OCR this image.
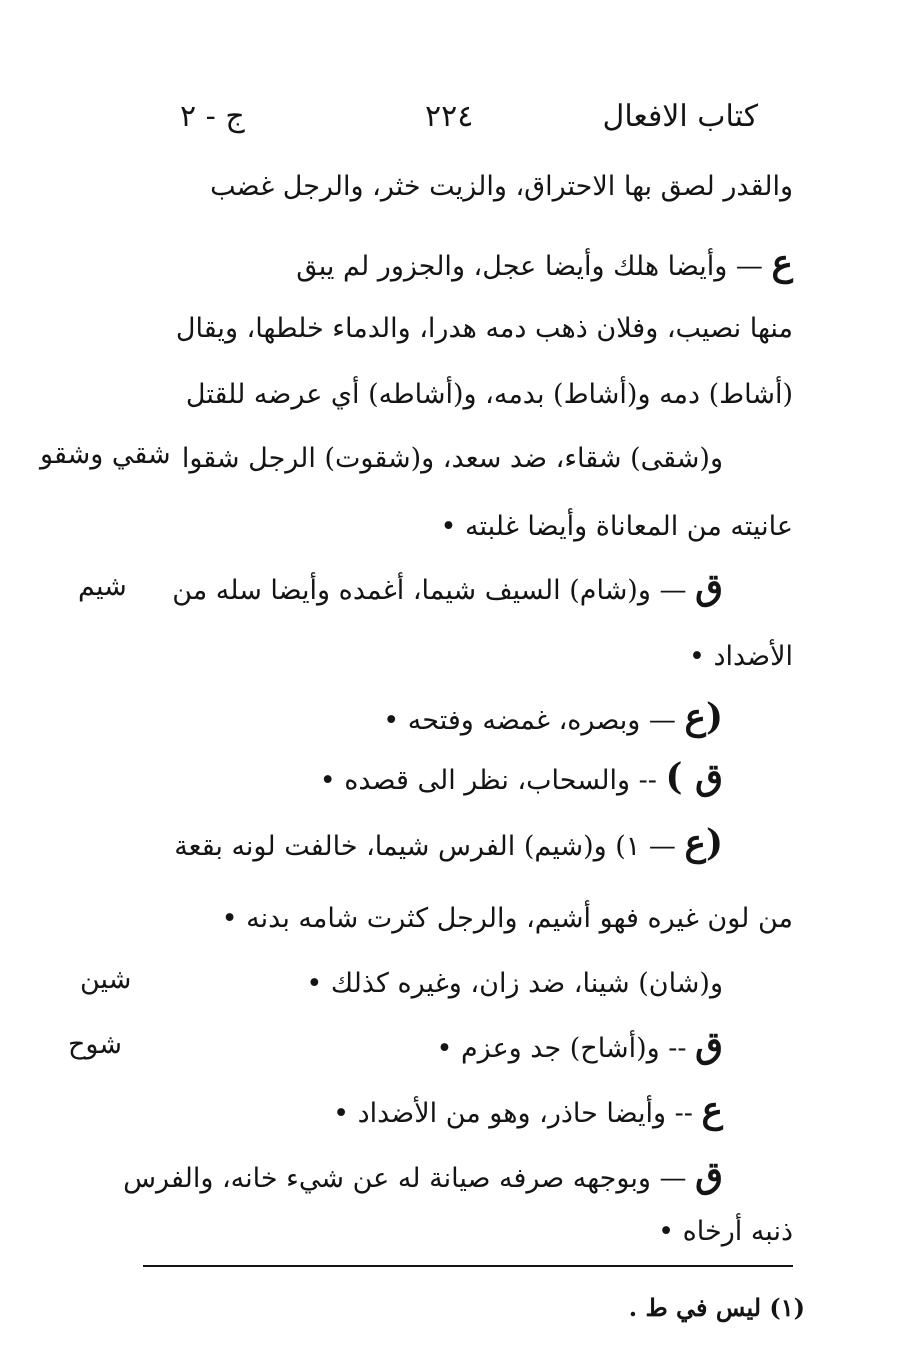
كتاب الافعال
٢٢٤
ج - ٢
والقدر لصق بها الاحتراق، والزيت خثر، والرجل غضب
ع — وأيضا هلك وأيضا عجل، والجزور لم يبق
منها نصيب، وفلان ذهب دمه هدرا، والدماء خلطها، ويقال
(أشاط) دمه و(أشاط) بدمه، و(أشاطه) أي عرضه للقتل
و(شقى) شقاء، ضد سعد، و(شقوت) الرجل شقوا
عانيته من المعاناة وأيضا غلبته •
ق — و(شام) السيف شيما، أغمده وأيضا سله من
الأضداد •
(ع — وبصره، غمضه وفتحه •
ق ) -- والسحاب، نظر الى قصده •
(ع — ١) و(شيم) الفرس شيما، خالفت لونه بقعة
من لون غيره فهو أشيم، والرجل كثرت شامه بدنه •
و(شان) شينا، ضد زان، وغيره كذلك •
ق -- و(أشاح) جد وعزم •
ع -- وأيضا حاذر، وهو من الأضداد •
ق — وبوجهه صرفه صيانة له عن شيء خانه، والفرس
ذنبه أرخاه •
شقي وشقو
شيم
شين
شوح
(١) ليس في ط .
